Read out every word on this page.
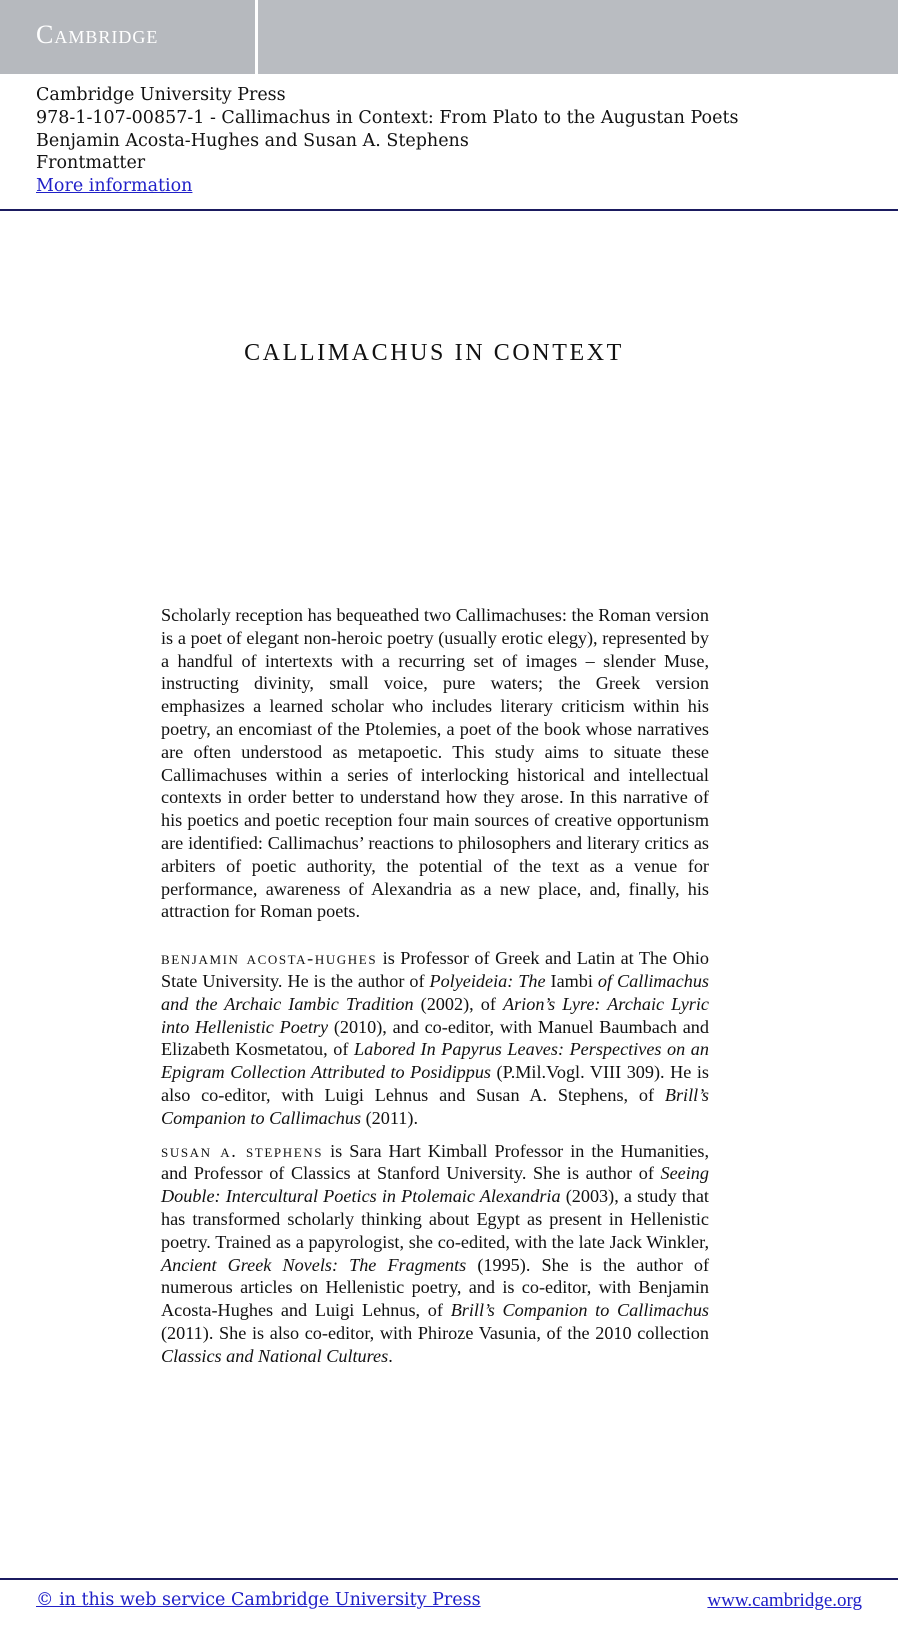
Cambridge
Cambridge University Press
978-1-107-00857-1 - Callimachus in Context: From Plato to the Augustan Poets
Benjamin Acosta-Hughes and Susan A. Stephens
Frontmatter
More information
CALLIMACHUS IN CONTEXT

Scholarly reception has bequeathed two Callimachuses: the Roman version is a poet of elegant non-heroic poetry (usually erotic elegy), represented by a handful of intertexts with a recurring set of images – slender Muse, instructing divinity, small voice, pure waters; the Greek version emphasizes a learned scholar who includes literary criticism within his poetry, an encomiast of the Ptolemies, a poet of the book whose narratives are often understood as metapoetic. This study aims to situate these Callimachuses within a series of interlocking historical and intellectual contexts in order better to understand how they arose. In this narrative of his poetics and poetic reception four main sources of creative opportunism are identified: Callimachus’ reactions to philosophers and literary critics as arbiters of poetic authority, the potential of the text as a venue for performance, awareness of Alexandria as a new place, and, finally, his attraction for Roman poets.

benjamin acosta-hughes is Professor of Greek and Latin at The Ohio State University. He is the author of Polyeideia: The Iambi of Callimachus and the Archaic Iambic Tradition (2002), of Arion’s Lyre: Archaic Lyric into Hellenistic Poetry (2010), and co-editor, with Manuel Baumbach and Elizabeth Kosmetatou, of Labored In Papyrus Leaves: Perspectives on an Epigram Collection Attributed to Posidippus (P.Mil.Vogl. VIII 309). He is also co-editor, with Luigi Lehnus and Susan A. Stephens, of Brill’s Companion to Callimachus (2011).

susan a. stephens is Sara Hart Kimball Professor in the Humanities, and Professor of Classics at Stanford University. She is author of Seeing Double: Intercultural Poetics in Ptolemaic Alexandria (2003), a study that has transformed scholarly thinking about Egypt as present in Hellenistic poetry. Trained as a papyrologist, she co-edited, with the late Jack Winkler, Ancient Greek Novels: The Fragments (1995). She is the author of numerous articles on Hellenistic poetry, and is co-editor, with Benjamin Acosta-Hughes and Luigi Lehnus, of Brill’s Companion to Callimachus (2011). She is also co-editor, with Phiroze Vasunia, of the 2010 collection Classics and National Cultures.

© in this web service Cambridge University Press	www.cambridge.org
